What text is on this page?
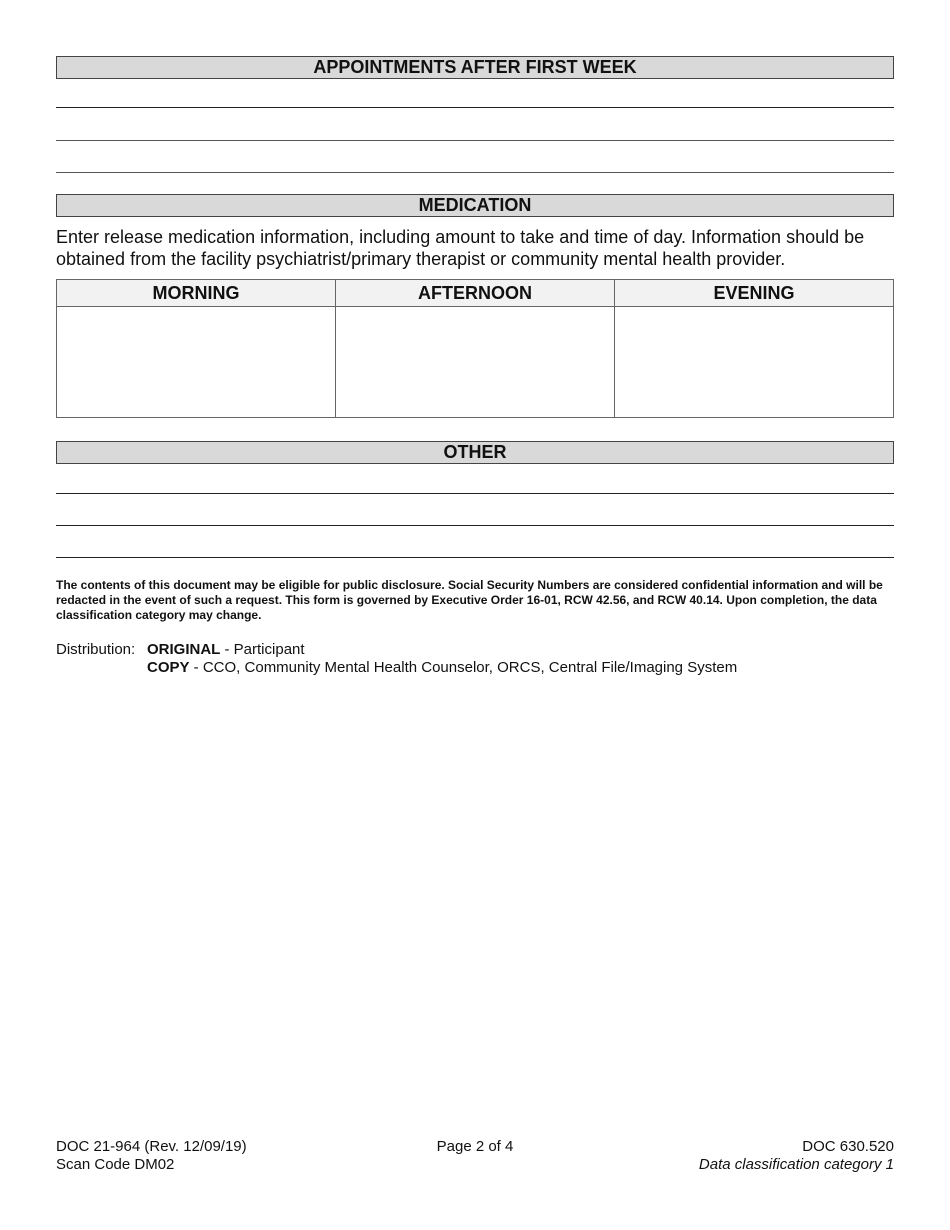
APPOINTMENTS AFTER FIRST WEEK
MEDICATION
Enter release medication information, including amount to take and time of day. Information should be obtained from the facility psychiatrist/primary therapist or community mental health provider.
MORNING	AFTERNOON	EVENING

OTHER
The contents of this document may be eligible for public disclosure. Social Security Numbers are considered confidential information and will be redacted in the event of such a request. This form is governed by Executive Order 16-01, RCW 42.56, and RCW 40.14. Upon completion, the data classification category may change.
Distribution: ORIGINAL - Participant
COPY - CCO, Community Mental Health Counselor, ORCS, Central File/Imaging System
DOC 21-964 (Rev. 12/09/19)
Scan Code DM02
Page 2 of 4	DOC 630.520
Data classification category 1
